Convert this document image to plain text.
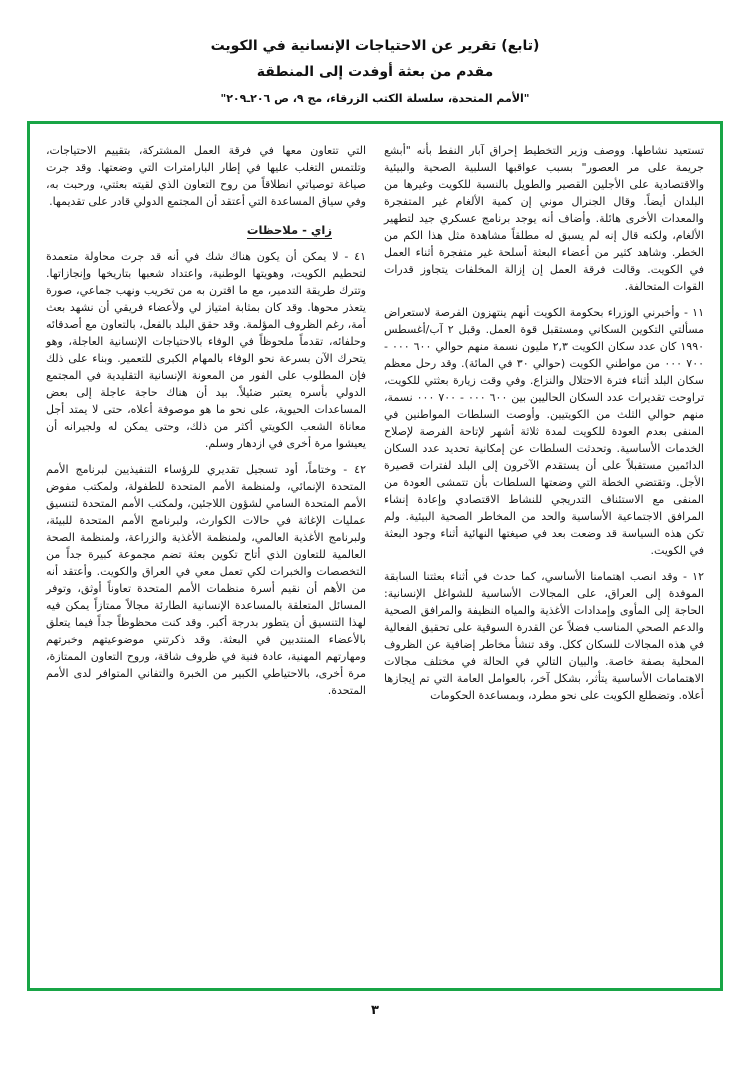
(تابع) تقرير عن الاحتياجات الإنسانية في الكويت
مقدم من بعثة أوفدت إلى المنطقة
"الأمم المتحدة، سلسلة الكتب الزرقاء، مج ٩، ص ٢٠٦ـ٢٠٩"

تستعيد نشاطها. ووصف وزير التخطيط إحراق آبار النفط بأنه "أبشع جريمة على مر العصور" بسبب عواقبها السلبية الصحية والبيئية والاقتصادية على الأجلين القصير والطويل بالنسبة للكويت وغيرها من البلدان أيضاً. وقال الجنرال موني إن كمية الألغام غير المتفجرة والمعدات الأخرى هائلة. وأضاف أنه يوجد برنامج عسكري جيد لتطهير الألغام، ولكنه قال إنه لم يسبق له مطلقاً مشاهدة مثل هذا الكم من الخطر. وشاهد كثير من أعضاء البعثة أسلحة غير متفجرة أثناء العمل في الكويت. وقالت فرقة العمل إن إزالة المخلفات يتجاوز قدرات القوات المتحالفة.

١١ - وأخبرني الوزراء بحكومة الكويت أنهم ينتهزون الفرصة لاستعراض مسألتي التكوين السكاني ومستقبل قوة العمل. وقبل ٢ آب/أغسطس ١٩٩٠ كان عدد سكان الكويت ٢,٣ مليون نسمة منهم حوالي ٦٠٠ ٠٠٠ - ٧٠٠ ٠٠٠ من مواطني الكويت (حوالي ٣٠ في المائة). وقد رحل معظم سكان البلد أثناء فترة الاحتلال والنزاع. وفي وقت زيارة بعثتي للكويت، تراوحت تقديرات عدد السكان الحاليين بين ٦٠٠ ٠٠٠ - ٧٠٠ ٠٠٠ نسمة، منهم حوالي الثلث من الكويتيين. وأوصت السلطات المواطنين في المنفى بعدم العودة للكويت لمدة ثلاثة أشهر لإتاحة الفرصة لإصلاح الخدمات الأساسية. وتحدثت السلطات عن إمكانية تحديد عدد السكان الدائمين مستقبلاً على أن يستقدم الآخرون إلى البلد لفترات قصيرة الأجل. وتقتضي الخطة التي وضعتها السلطات بأن تتمشى العودة من المنفى مع الاستئناف التدريجي للنشاط الاقتصادي وإعادة إنشاء المرافق الاجتماعية الأساسية والحد من المخاطر الصحية البيئية. ولم تكن هذه السياسة قد وضعت بعد في صيغتها النهائية أثناء وجود البعثة في الكويت.

١٢ - وقد انصب اهتمامنا الأساسي، كما حدث في أثناء بعثتنا السابقة الموفدة إلى العراق، على المجالات الأساسية للشواغل الإنسانية: الحاجة إلى المأوى وإمدادات الأغذية والمياه النظيفة والمرافق الصحية والدعم الصحي المناسب فضلاً عن القدرة السوقية على تحقيق الفعالية في هذه المجالات للسكان ككل. وقد تنشأ مخاطر إضافية عن الظروف المحلية بصفة خاصة. والبيان التالي في الحالة في مختلف مجالات الاهتمامات الأساسية يتأثر، بشكل آخر، بالعوامل العامة التي تم إيجازها أعلاه. وتضطلع الكويت على نحو مطرد، وبمساعدة الحكومات

التي تتعاون معها في فرقة العمل المشتركة، بتقييم الاحتياجات، وتلتمس التغلب عليها في إطار البارامترات التي وضعتها. وقد جرت صياغة توصياتي انطلاقاً من روح التعاون الذي لقيته بعثتي، ورحبت به، وفي سياق المساعدة التي أعتقد أن المجتمع الدولي قادر على تقديمها.

زاي - ملاحظات

٤١ - لا يمكن أن يكون هناك شك في أنه قد جرت محاولة متعمدة لتحطيم الكويت، وهويتها الوطنية، واعتداد شعبها بتاريخها وإنجازاتها. وتترك طريقة التدمير، مع ما اقترن به من تخريب ونهب جماعي، صورة يتعذر محوها. وقد كان بمثابة امتياز لي ولأعضاء فريقي أن نشهد بعث أمة، رغم الظروف المؤلمة. وقد حقق البلد بالفعل، بالتعاون مع أصدقائه وحلفائه، تقدماً ملحوظاً في الوفاء بالاحتياجات الإنسانية العاجلة، وهو يتحرك الآن بسرعة نحو الوفاء بالمهام الكبرى للتعمير. وبناء على ذلك فإن المطلوب على الفور من المعونة الإنسانية التقليدية في المجتمع الدولي بأسره يعتبر ضئيلاً. بيد أن هناك حاجة عاجلة إلى بعض المساعدات الحيوية، على نحو ما هو موصوفة أعلاه، حتى لا يمتد أجل معاناة الشعب الكويتي أكثر من ذلك، وحتى يمكن له ولجيرانه أن يعيشوا مرة أخرى في ازدهار وسلم.

٤٢ - وختاماً، أود تسجيل تقديري للرؤساء التنفيذيين لبرنامج الأمم المتحدة الإنمائي، ولمنظمة الأمم المتحدة للطفولة، ولمكتب مفوض الأمم المتحدة السامي لشؤون اللاجئين، ولمكتب الأمم المتحدة لتنسيق عمليات الإغاثة في حالات الكوارث، ولبرنامج الأمم المتحدة للبيئة، ولبرنامج الأغذية العالمي، ولمنظمة الأغذية والزراعة، ولمنظمة الصحة العالمية للتعاون الذي أتاح تكوين بعثة تضم مجموعة كبيرة جداً من التخصصات والخبرات لكي تعمل معي في العراق والكويت. وأعتقد أنه من الأهم أن نقيم أسرة منظمات الأمم المتحدة تعاوناً أوثق، وتوفر المسائل المتعلقة بالمساعدة الإنسانية الطارئة مجالاً ممتازاً يمكن فيه لهذا التنسيق أن يتطور بدرجة أكبر. وقد كنت محظوظاً جداً فيما يتعلق بالأعضاء المنتدبين في البعثة. وقد ذكرتني موضوعيتهم وخبرتهم ومهارتهم المهنية، عادة فنية في ظروف شاقة، وروح التعاون الممتازة، مرة أخرى، بالاحتياطي الكبير من الخبرة والتفاني المتوافر لدى الأمم المتحدة.

٣
